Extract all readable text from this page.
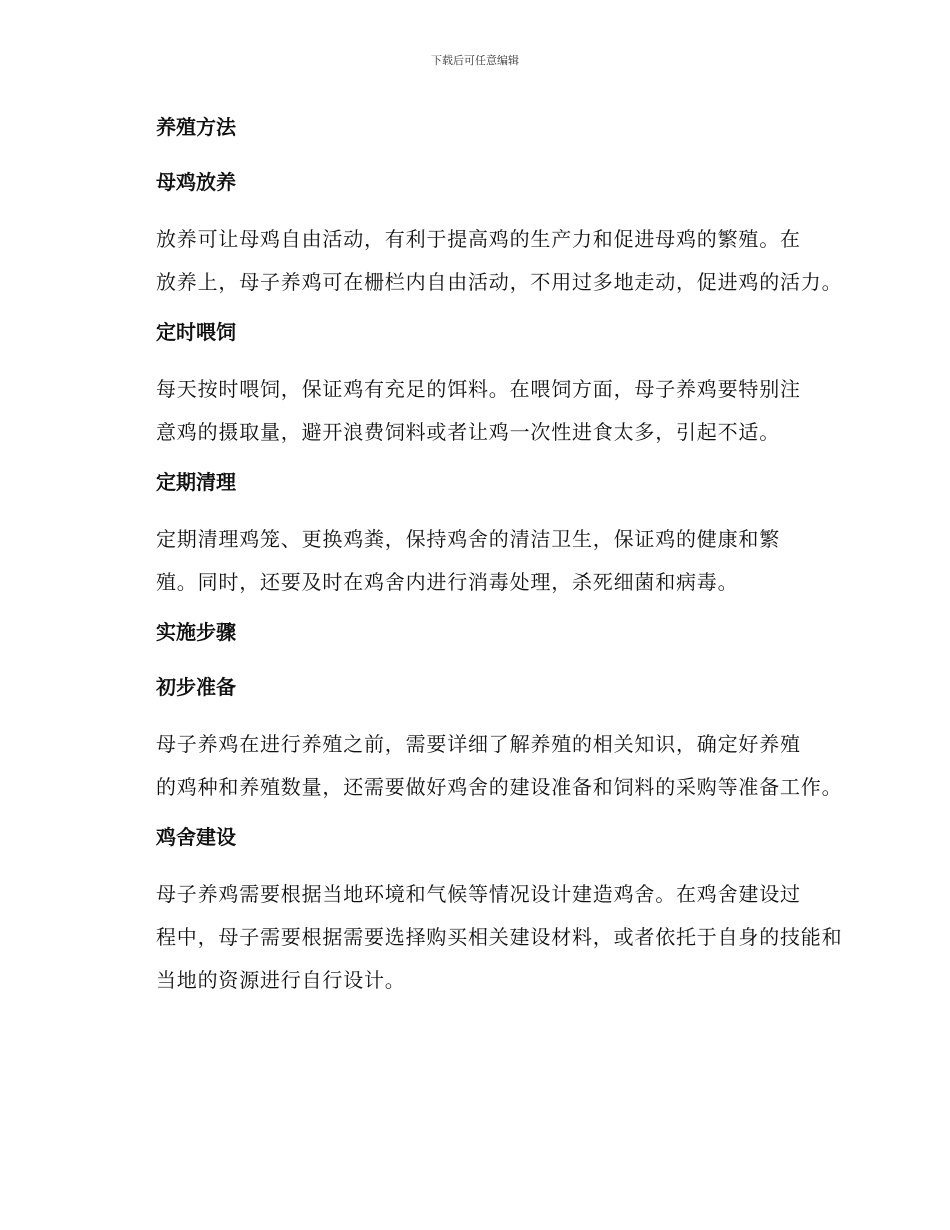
下载后可任意编辑
养殖方法
母鸡放养
放养可让母鸡自由活动，有利于提高鸡的生产力和促进母鸡的繁殖。在
放养上，母子养鸡可在栅栏内自由活动，不用过多地走动，促进鸡的活力。
定时喂饲
每天按时喂饲，保证鸡有充足的饵料。在喂饲方面，母子养鸡要特别注
意鸡的摄取量，避开浪费饲料或者让鸡一次性进食太多，引起不适。
定期清理
定期清理鸡笼、更换鸡粪，保持鸡舍的清洁卫生，保证鸡的健康和繁
殖。同时，还要及时在鸡舍内进行消毒处理，杀死细菌和病毒。
实施步骤
初步准备
母子养鸡在进行养殖之前，需要详细了解养殖的相关知识，确定好养殖
的鸡种和养殖数量，还需要做好鸡舍的建设准备和饲料的采购等准备工作。
鸡舍建设
母子养鸡需要根据当地环境和气候等情况设计建造鸡舍。在鸡舍建设过
程中，母子需要根据需要选择购买相关建设材料，或者依托于自身的技能和
当地的资源进行自行设计。
